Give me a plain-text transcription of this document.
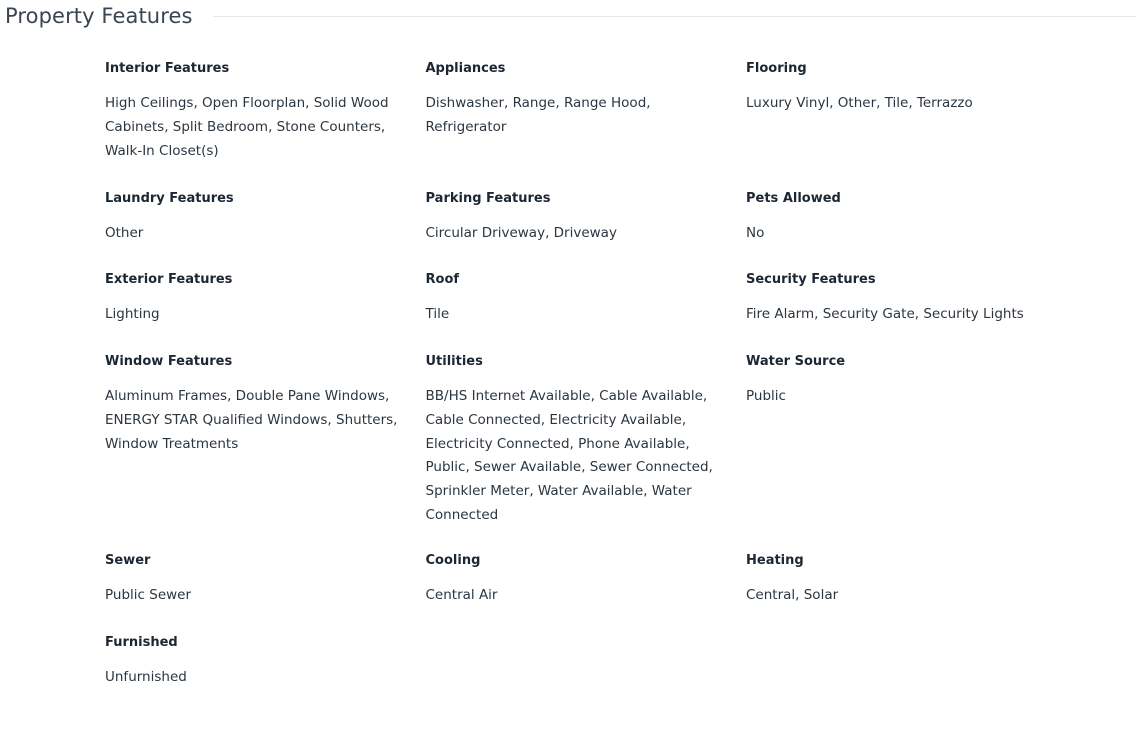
Property Features
Interior Features
High Ceilings, Open Floorplan, Solid Wood Cabinets, Split Bedroom, Stone Counters, Walk-In Closet(s)
Appliances
Dishwasher, Range, Range Hood, Refrigerator
Flooring
Luxury Vinyl, Other, Tile, Terrazzo
Laundry Features
Other
Parking Features
Circular Driveway, Driveway
Pets Allowed
No
Exterior Features
Lighting
Roof
Tile
Security Features
Fire Alarm, Security Gate, Security Lights
Window Features
Aluminum Frames, Double Pane Windows, ENERGY STAR Qualified Windows, Shutters, Window Treatments
Utilities
BB/HS Internet Available, Cable Available, Cable Connected, Electricity Available, Electricity Connected, Phone Available, Public, Sewer Available, Sewer Connected, Sprinkler Meter, Water Available, Water Connected
Water Source
Public
Sewer
Public Sewer
Cooling
Central Air
Heating
Central, Solar
Furnished
Unfurnished
